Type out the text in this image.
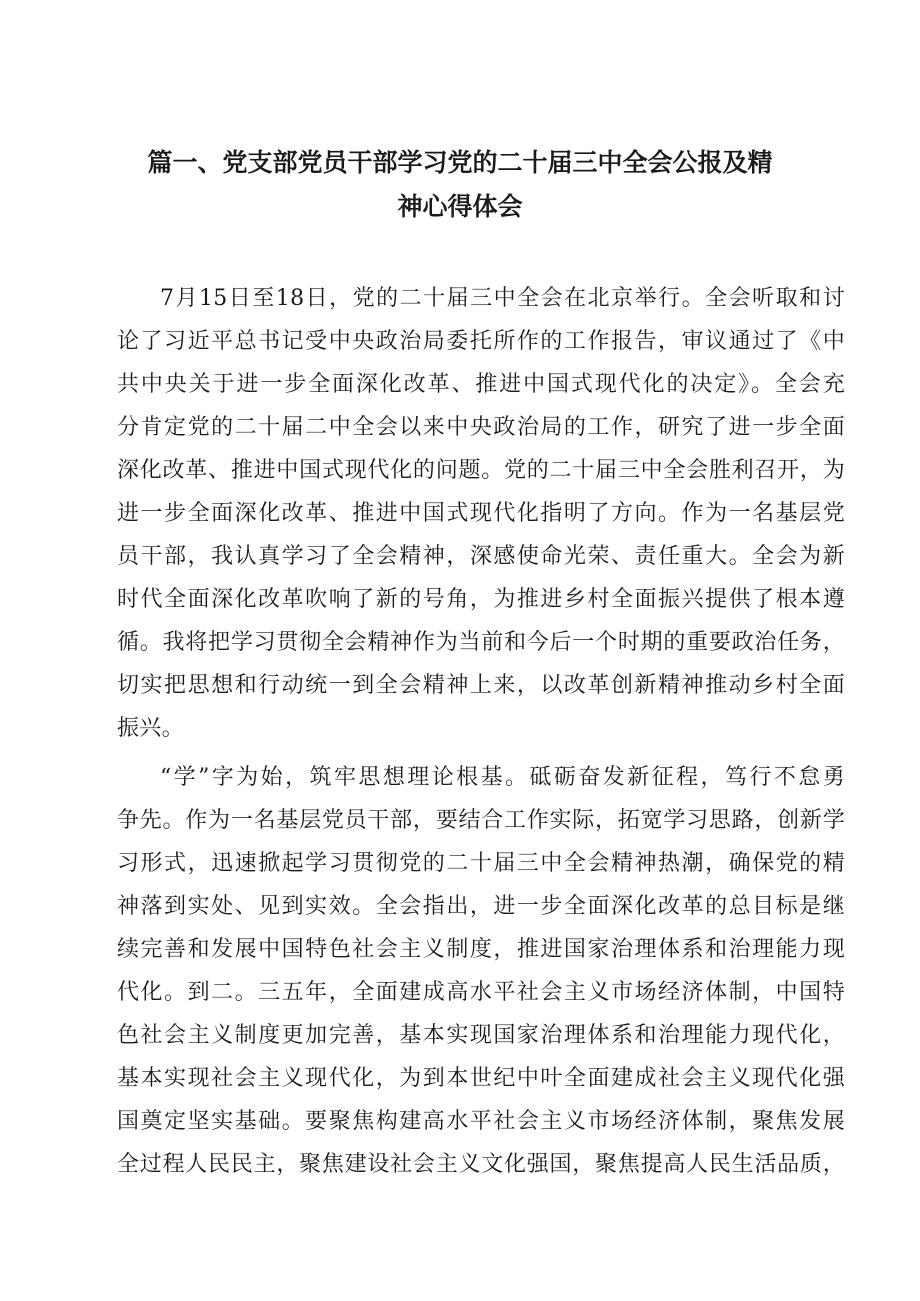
篇一、党支部党员干部学习党的二十届三中全会公报及精
神心得体会
7月15日至18日，党的二十届三中全会在北京举行。全会听取和讨
论了习近平总书记受中央政治局委托所作的工作报告，审议通过了《中
共中央关于进一步全面深化改革、推进中国式现代化的决定》。全会充
分肯定党的二十届二中全会以来中央政治局的工作，研究了进一步全面
深化改革、推进中国式现代化的问题。党的二十届三中全会胜利召开，为
进一步全面深化改革、推进中国式现代化指明了方向。作为一名基层党
员干部，我认真学习了全会精神，深感使命光荣、责任重大。全会为新
时代全面深化改革吹响了新的号角，为推进乡村全面振兴提供了根本遵
循。我将把学习贯彻全会精神作为当前和今后一个时期的重要政治任务，
切实把思想和行动统一到全会精神上来，以改革创新精神推动乡村全面
振兴。
“学”字为始，筑牢思想理论根基。砥砺奋发新征程，笃行不怠勇
争先。作为一名基层党员干部，要结合工作实际，拓宽学习思路，创新学
习形式，迅速掀起学习贯彻党的二十届三中全会精神热潮，确保党的精
神落到实处、见到实效。全会指出，进一步全面深化改革的总目标是继
续完善和发展中国特色社会主义制度，推进国家治理体系和治理能力现
代化。到二。三五年，全面建成高水平社会主义市场经济体制，中国特
色社会主义制度更加完善，基本实现国家治理体系和治理能力现代化，
基本实现社会主义现代化，为到本世纪中叶全面建成社会主义现代化强
国奠定坚实基础。要聚焦构建高水平社会主义市场经济体制，聚焦发展
全过程人民民主，聚焦建设社会主义文化强国，聚焦提高人民生活品质，
